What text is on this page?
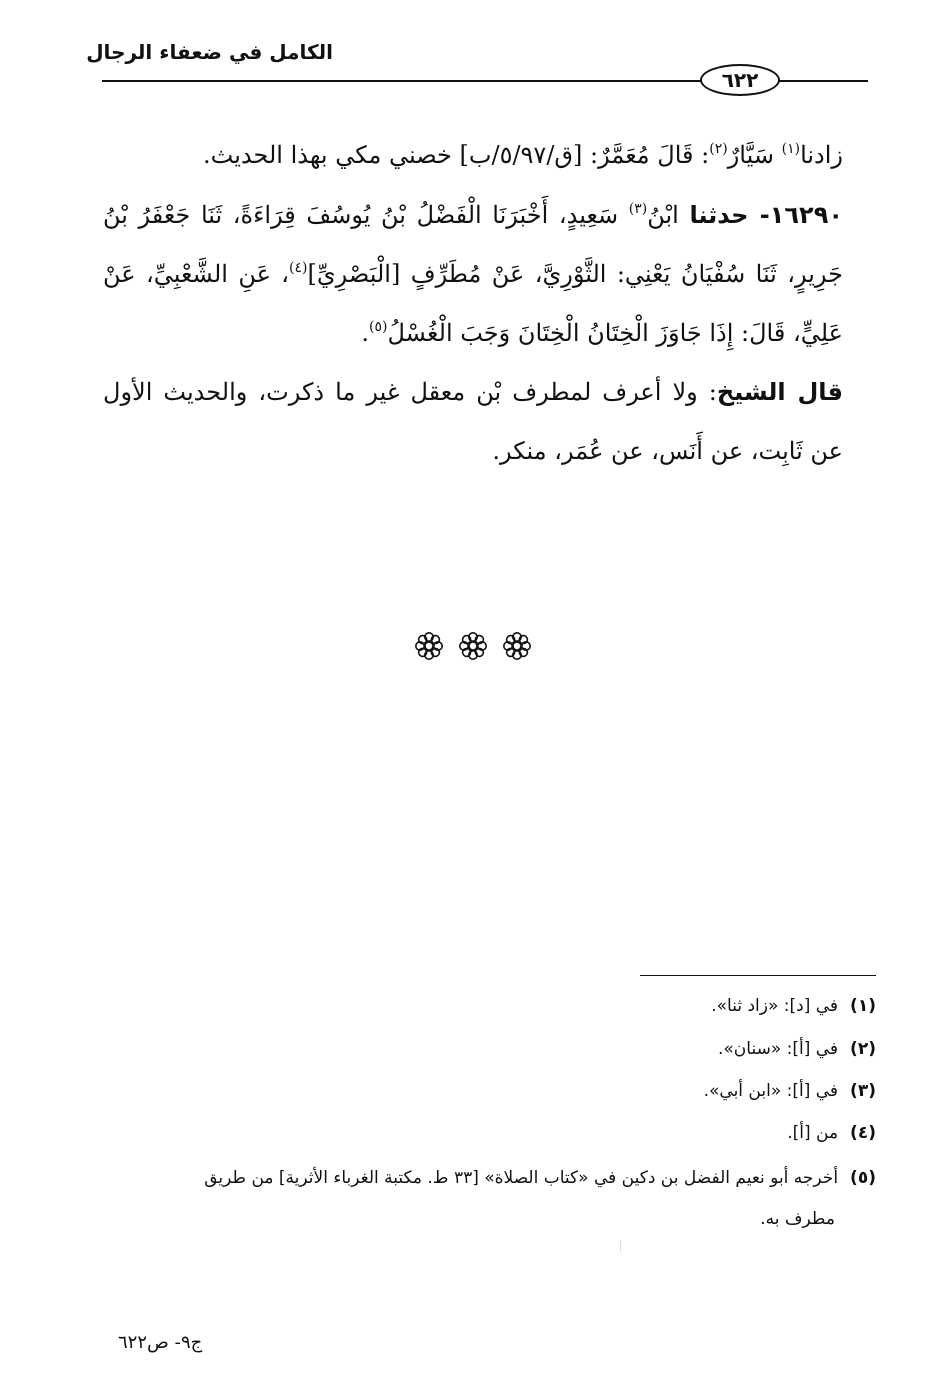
الكامل في ضعفاء الرجال
٦٢٢
زادنا$^{(١)}$ سَيَّارٌ$^{(٢)}$: قَالَ مُعَمَّرٌ: [ق/٥/٩٧/ب] خصني مكي بهذا الحديث.
١٦٢٩٠- حدثنا ابْنُ$^{(٣)}$ سَعِيدٍ، أَخْبَرَنَا الْفَضْلُ بْنُ يُوسُفَ قِرَاءَةً، ثَنَا جَعْفَرُ بْنُ جَرِيرٍ، ثَنَا سُفْيَانُ يَعْنِي: الثَّوْرِيَّ، عَنْ مُطَرِّفٍ [الْبَصْرِيِّ]$^{(٤)}$، عَنِ الشَّعْبِيِّ، عَنْ عَلِيٍّ، قَالَ: إِذَا جَاوَزَ الْخِتَانُ الْخِتَانَ وَجَبَ الْغُسْلُ$^{(٥)}$.
قال الشيخ: ولا أعرف لمطرف بْن معقل غير ما ذكرت، والحديث الأول عن ثَابِت، عن أَنَس، عن عُمَر، منكر.
(١)في [د]: «زاد ثنا».
(٢)في [أ]: «سنان».
(٣)في [أ]: «ابن أبي».
(٤)من [أ].
(٥)أخرجه أبو نعيم الفضل بن دكين في «كتاب الصلاة» [٣٣ ط. مكتبة الغرباء الأثرية] من طريق
مطرف به.
ج٩- ص٦٢٢
